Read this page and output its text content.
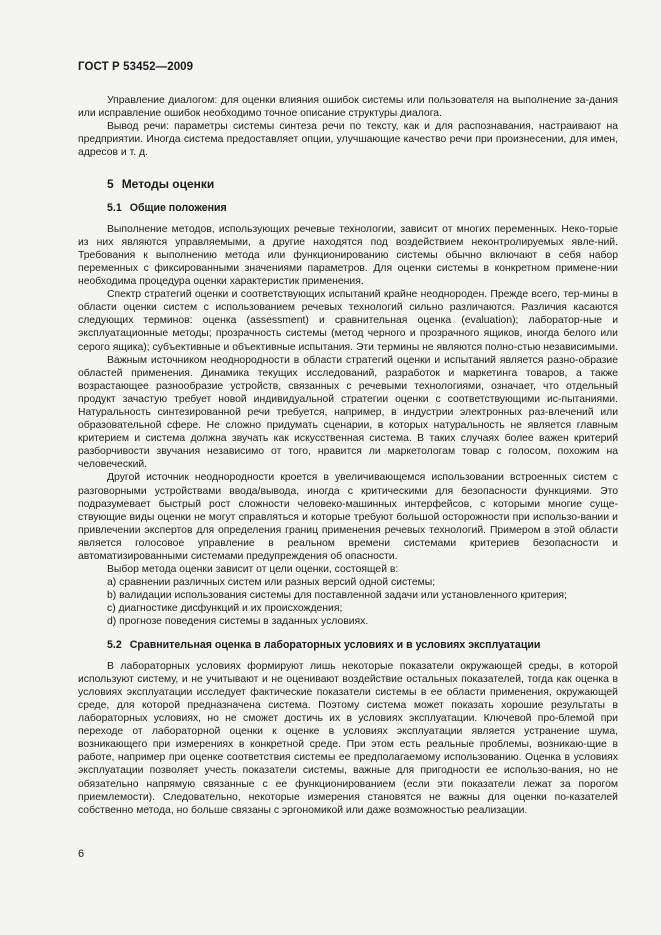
ГОСТ Р 53452—2009

Управление диалогом: для оценки влияния ошибок системы или пользователя на выполнение за-дания или исправление ошибок необходимо точное описание структуры диалога.

Вывод речи: параметры системы синтеза речи по тексту, как и для распознавания, настраивают на предприятии. Иногда система предоставляет опции, улучшающие качество речи при произнесении, для имен, адресов и т. д.

5 Методы оценки
5.1 Общие положения

Выполнение методов, использующих речевые технологии, зависит от многих переменных. Неко-торые из них являются управляемыми, а другие находятся под воздействием неконтролируемых явле-ний. Требования к выполнению метода или функционированию системы обычно включают в себя набор переменных с фиксированными значениями параметров. Для оценки системы в конкретном примене-нии необходима процедура оценки характеристик применения.

Спектр стратегий оценки и соответствующих испытаний крайне неоднороден. Прежде всего, тер-мины в области оценки систем с использованием речевых технологий сильно различаются. Различия касаются следующих терминов: оценка (assessment) и сравнительная оценка (evaluation); лаборатор-ные и эксплуатационные методы; прозрачность системы (метод черного и прозрачного ящиков, иногда белого или серого ящика); субъективные и объективные испытания. Эти термины не являются полно-стью независимыми.

Важным источником неоднородности в области стратегий оценки и испытаний является разно-образие областей применения. Динамика текущих исследований, разработок и маркетинга товаров, а также возрастающее разнообразие устройств, связанных с речевыми технологиями, означает, что отдельный продукт зачастую требует новой индивидуальной стратегии оценки с соответствующими ис-пытаниями. Натуральность синтезированной речи требуется, например, в индустрии электронных раз-влечений или образовательной сфере. Не сложно придумать сценарии, в которых натуральность не является главным критерием и система должна звучать как искусственная система. В таких случаях более важен критерий разборчивости звучания независимо от того, нравится ли маркетологам товар с голосом, похожим на человеческий.

Другой источник неоднородности кроется в увеличивающемся использовании встроенных систем с разговорными устройствами ввода/вывода, иногда с критическими для безопасности функциями. Это подразумевает быстрый рост сложности человеко-машинных интерфейсов, с которыми многие суще-ствующие виды оценки не могут справляться и которые требуют большой осторожности при использо-вании и привлечении экспертов для определения границ применения речевых технологий. Примером в этой области является голосовое управление в реальном времени системами критериев безопасности и автоматизированными системами предупреждения об опасности.

Выбор метода оценки зависит от цели оценки, состоящей в:

a) сравнении различных систем или разных версий одной системы;

b) валидации использования системы для поставленной задачи или установленного критерия;

c) диагностике дисфункций и их происхождения;

d) прогнозе поведения системы в заданных условиях.

5.2 Сравнительная оценка в лабораторных условиях и в условиях эксплуатации

В лабораторных условиях формируют лишь некоторые показатели окружающей среды, в которой используют систему, и не учитывают и не оценивают воздействие остальных показателей, тогда как оценка в условиях эксплуатации исследует фактические показатели системы в ее области применения, окружающей среде, для которой предназначена система. Поэтому система может показать хорошие результаты в лабораторных условиях, но не сможет достичь их в условиях эксплуатации. Ключевой про-блемой при переходе от лабораторной оценки к оценке в условиях эксплуатации является устранение шума, возникающего при измерениях в конкретной среде. При этом есть реальные проблемы, возникаю-щие в работе, например при оценке соответствия системы ее предполагаемому использованию. Оценка в условиях эксплуатации позволяет учесть показатели системы, важные для пригодности ее использо-вания, но не обязательно напрямую связанные с ее функционированием (если эти показатели лежат за порогом приемлемости). Следовательно, некоторые измерения становятся не важны для оценки по-казателей собственно метода, но больше связаны с эргономикой или даже возможностью реализации.

6
